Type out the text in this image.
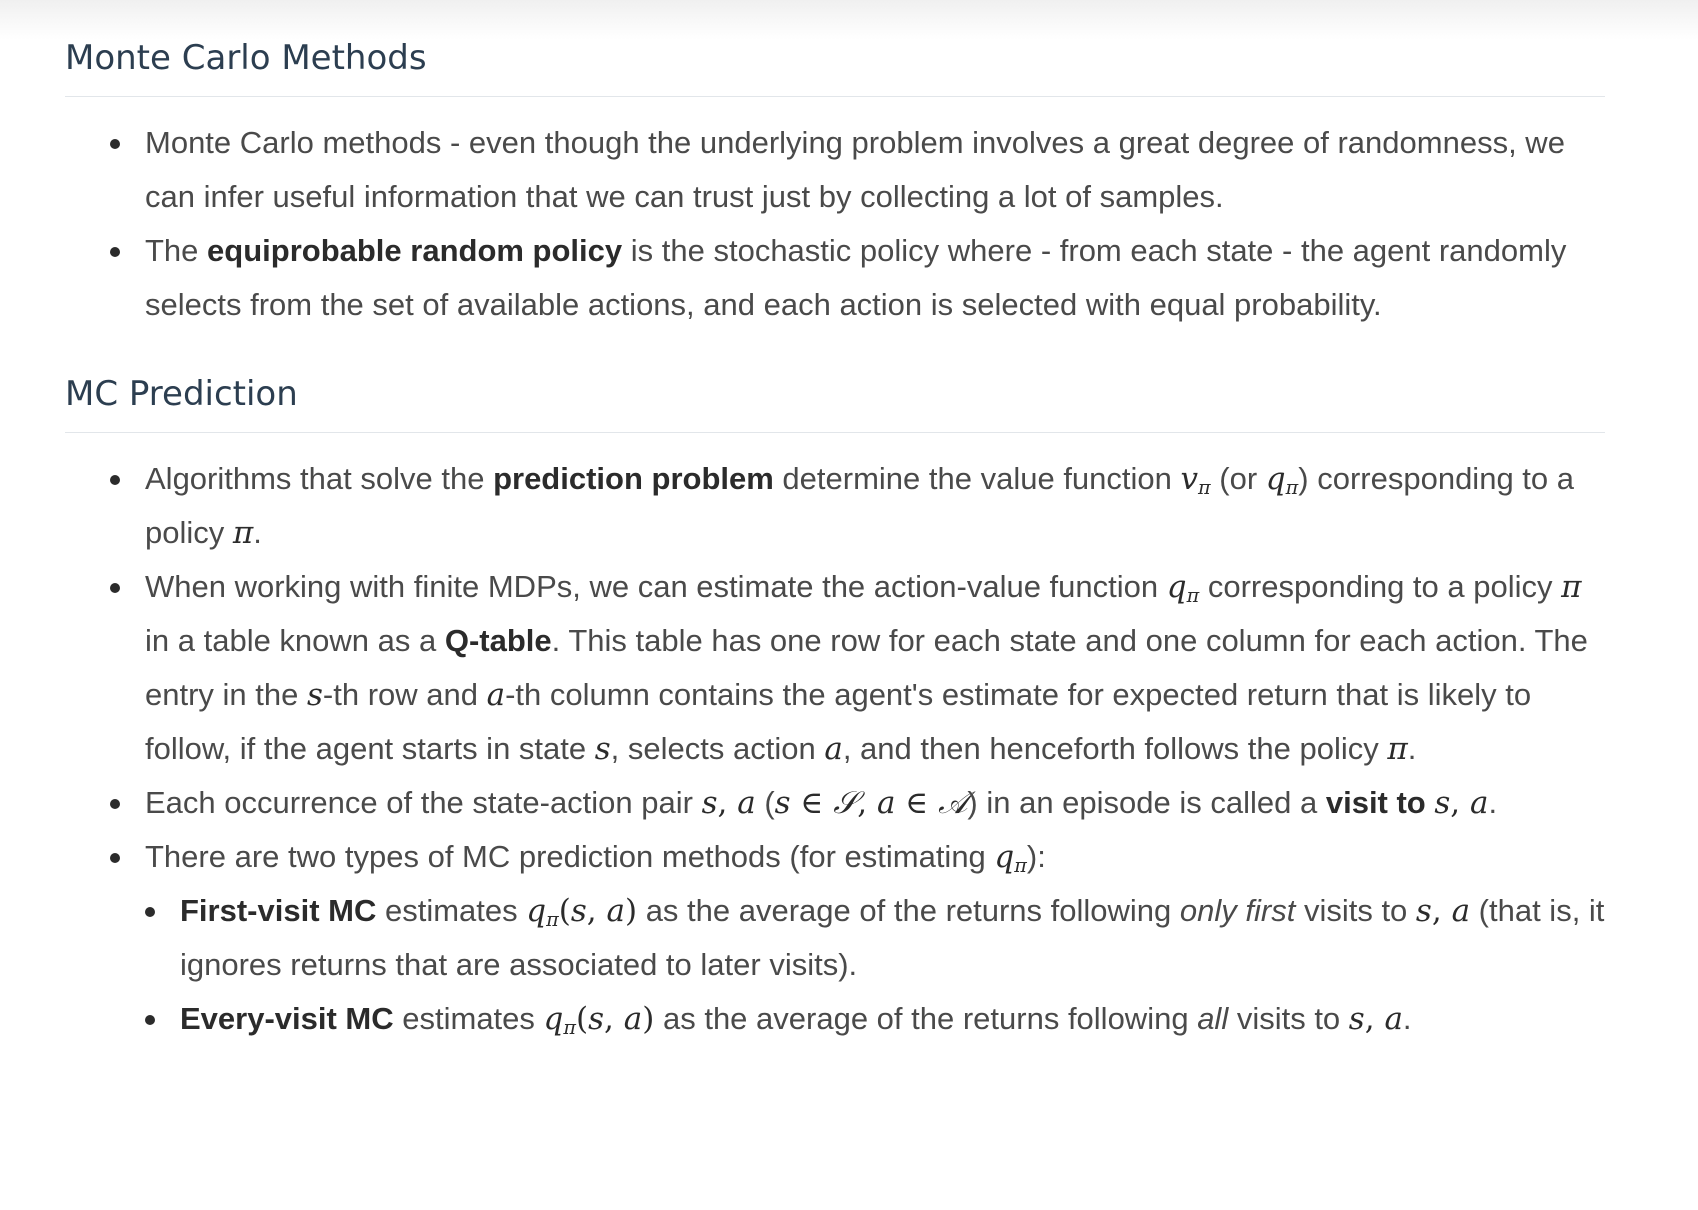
Monte Carlo Methods
Monte Carlo methods - even though the underlying problem involves a great degree of randomness, we can infer useful information that we can trust just by collecting a lot of samples.
The equiprobable random policy is the stochastic policy where - from each state - the agent randomly selects from the set of available actions, and each action is selected with equal probability.
MC Prediction
Algorithms that solve the prediction problem determine the value function $v_\pi$ (or $q_\pi$) corresponding to a policy π.
When working with finite MDPs, we can estimate the action-value function $q_\pi$ corresponding to a policy π in a table known as a Q-table. This table has one row for each state and one column for each action. The entry in the s-th row and a-th column contains the agent's estimate for expected return that is likely to follow, if the agent starts in state s, selects action a, and then henceforth follows the policy π.
Each occurrence of the state-action pair s, a (s ∈ 𝒮, a ∈ 𝒜) in an episode is called a visit to s, a.
There are two types of MC prediction methods (for estimating $q_\pi$):
First-visit MC estimates $q_\pi(s$, a) as the average of the returns following only first visits to s, a (that is, it ignores returns that are associated to later visits).
Every-visit MC estimates $q_\pi(s$, a) as the average of the returns following all visits to s, a.
